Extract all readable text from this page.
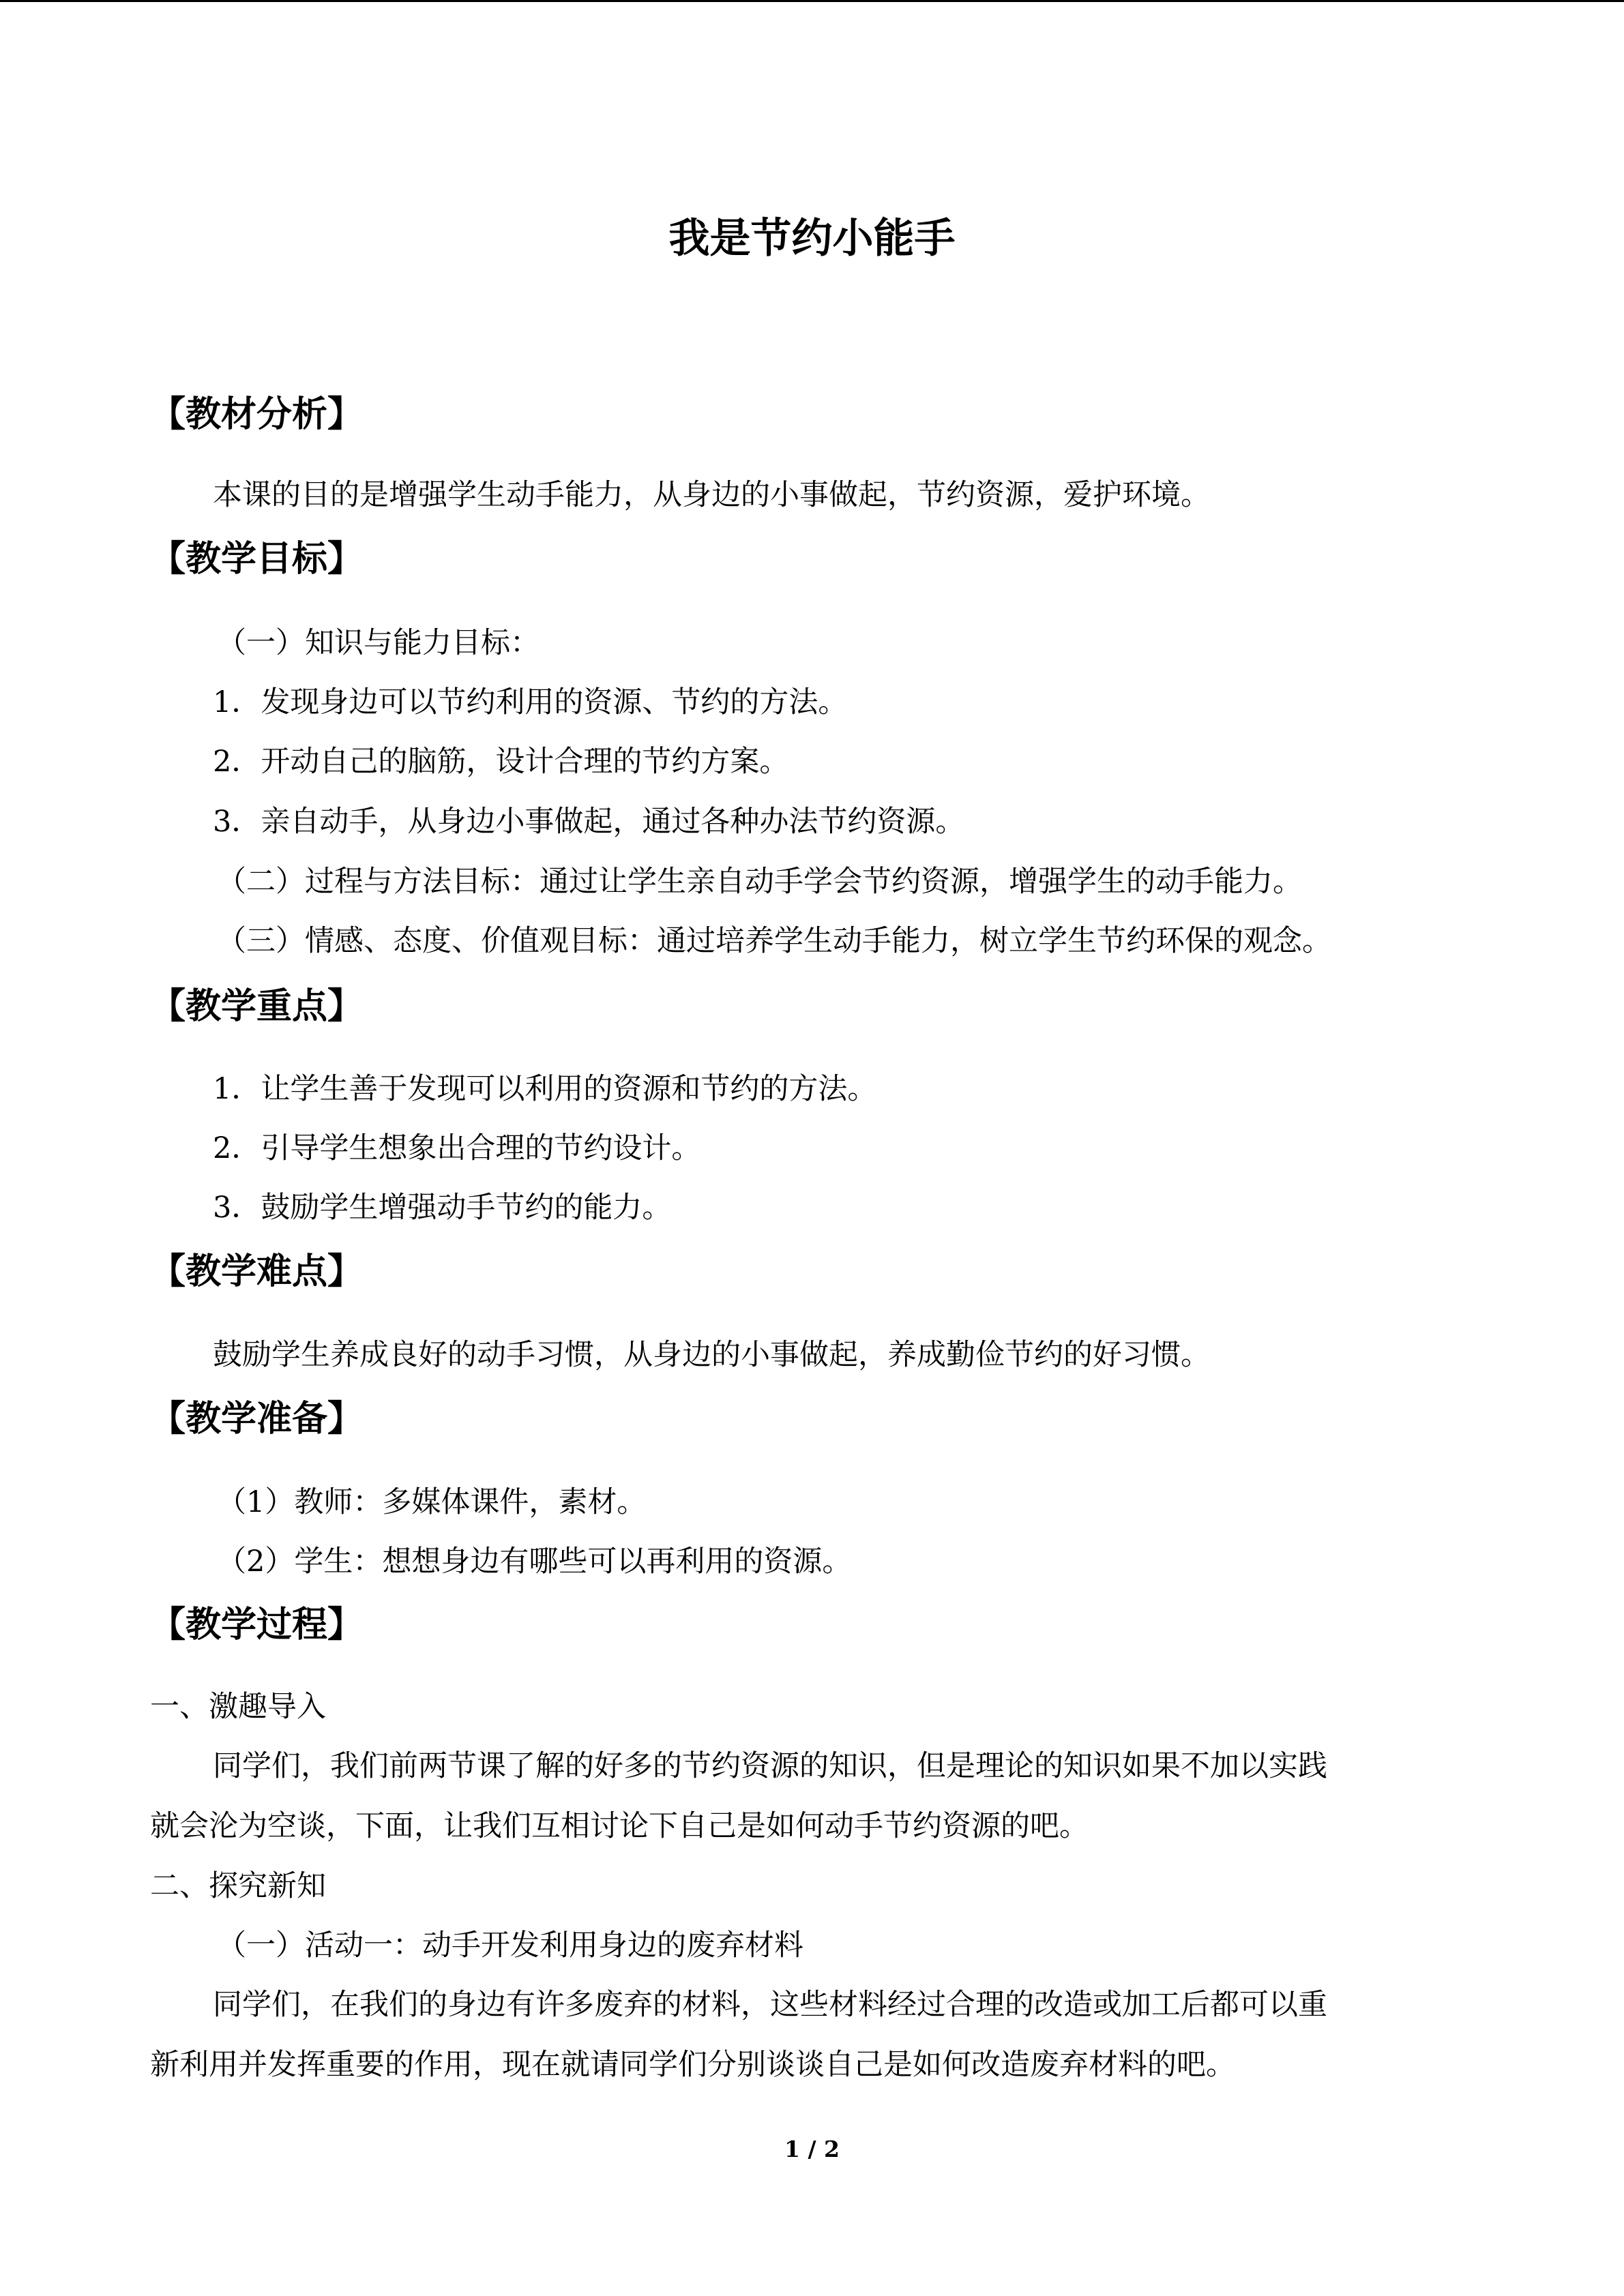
我是节约小能手
【教材分析】
本课的目的是增强学生动手能力，从身边的小事做起，节约资源，爱护环境。
【教学目标】
（一）知识与能力目标：
1．发现身边可以节约利用的资源、节约的方法。
2．开动自己的脑筋，设计合理的节约方案。
3．亲自动手，从身边小事做起，通过各种办法节约资源。
（二）过程与方法目标：通过让学生亲自动手学会节约资源，增强学生的动手能力。
（三）情感、态度、价值观目标：通过培养学生动手能力，树立学生节约环保的观念。
【教学重点】
1．让学生善于发现可以利用的资源和节约的方法。
2．引导学生想象出合理的节约设计。
3．鼓励学生增强动手节约的能力。
【教学难点】
鼓励学生养成良好的动手习惯，从身边的小事做起，养成勤俭节约的好习惯。
【教学准备】
（1）教师：多媒体课件，素材。
（2）学生：想想身边有哪些可以再利用的资源。
【教学过程】
一、激趣导入
同学们，我们前两节课了解的好多的节约资源的知识，但是理论的知识如果不加以实践
就会沦为空谈，下面，让我们互相讨论下自己是如何动手节约资源的吧。
二、探究新知
（一）活动一：动手开发利用身边的废弃材料
同学们，在我们的身边有许多废弃的材料，这些材料经过合理的改造或加工后都可以重
新利用并发挥重要的作用，现在就请同学们分别谈谈自己是如何改造废弃材料的吧。
1 / 2
